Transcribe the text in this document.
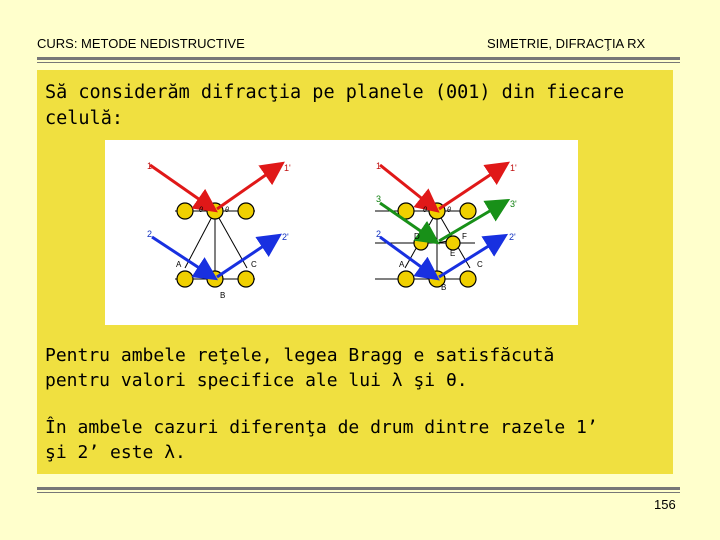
CURS: METODE NEDISTRUCTIVE	SIMETRIE, DIFRACŢIA RX
Să considerăm difracţia pe planele (001) din fiecare
celulă:
1	1'
2	2'
A
B
C
θ	θ
1	1'
3	3'
2	2'
A
B
C
D
E
F
θ	θ
Pentru ambele reţele, legea Bragg e satisfăcută
pentru valori specifice ale lui λ şi θ.
În ambele cazuri diferenţa de drum dintre razele 1’
şi 2’ este λ.
156
